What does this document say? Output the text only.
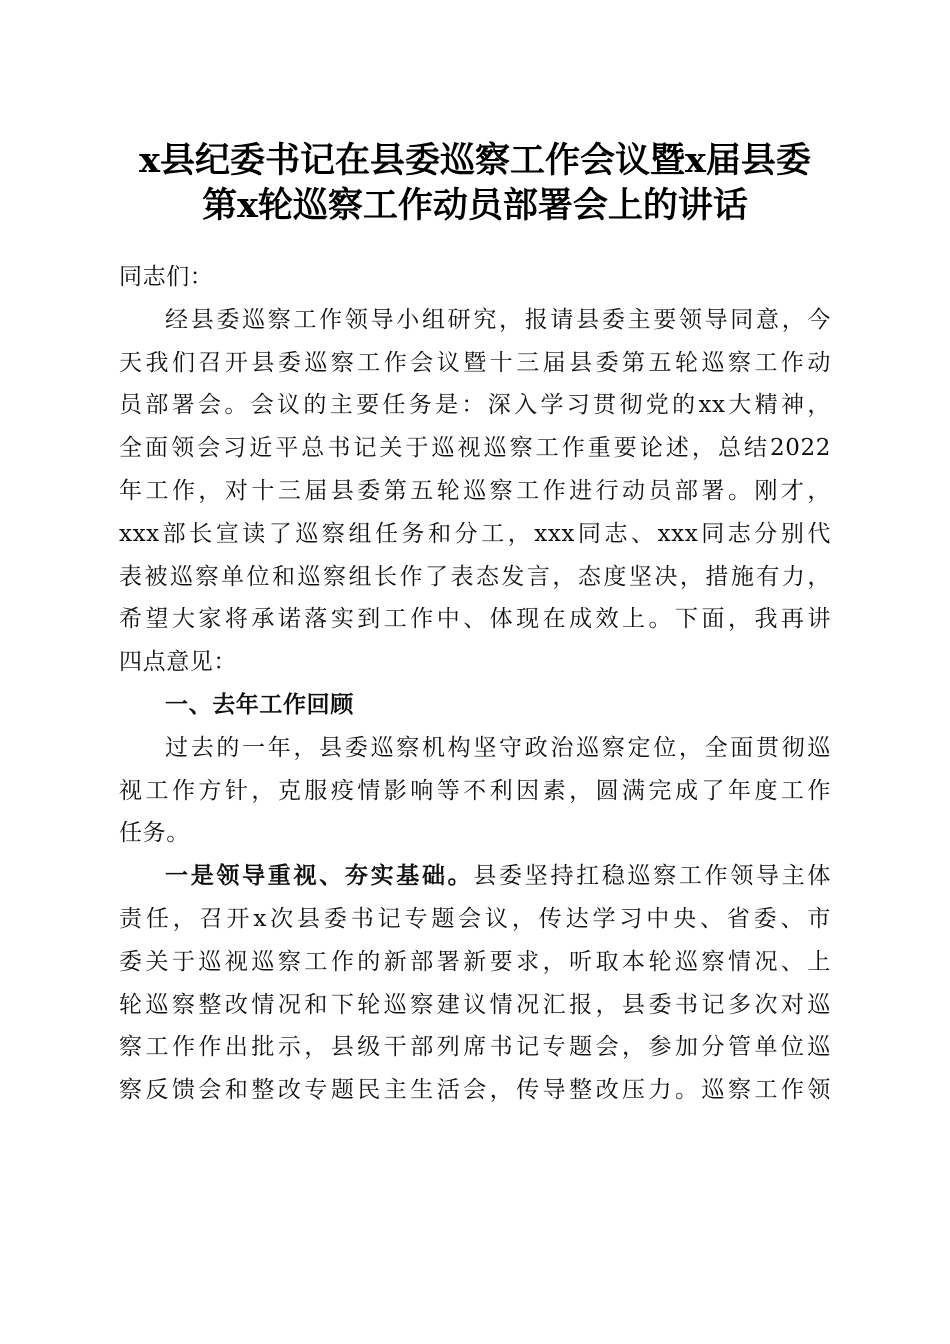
x县纪委书记在县委巡察工作会议暨x届县委
第x轮巡察工作动员部署会上的讲话
同志们：
经县委巡察工作领导小组研究，报请县委主要领导同意，今
天我们召开县委巡察工作会议暨十三届县委第五轮巡察工作动
员部署会。会议的主要任务是：深入学习贯彻党的xx大精神，
全面领会习近平总书记关于巡视巡察工作重要论述，总结2022
年工作，对十三届县委第五轮巡察工作进行动员部署。刚才，
xxx部长宣读了巡察组任务和分工，xxx同志、xxx同志分别代
表被巡察单位和巡察组长作了表态发言，态度坚决，措施有力，
希望大家将承诺落实到工作中、体现在成效上。下面，我再讲
四点意见：
一、去年工作回顾
过去的一年，县委巡察机构坚守政治巡察定位，全面贯彻巡
视工作方针，克服疫情影响等不利因素，圆满完成了年度工作
任务。
一是领导重视、夯实基础。县委坚持扛稳巡察工作领导主体
责任，召开x次县委书记专题会议，传达学习中央、省委、市
委关于巡视巡察工作的新部署新要求，听取本轮巡察情况、上
轮巡察整改情况和下轮巡察建议情况汇报，县委书记多次对巡
察工作作出批示，县级干部列席书记专题会，参加分管单位巡
察反馈会和整改专题民主生活会，传导整改压力。巡察工作领
